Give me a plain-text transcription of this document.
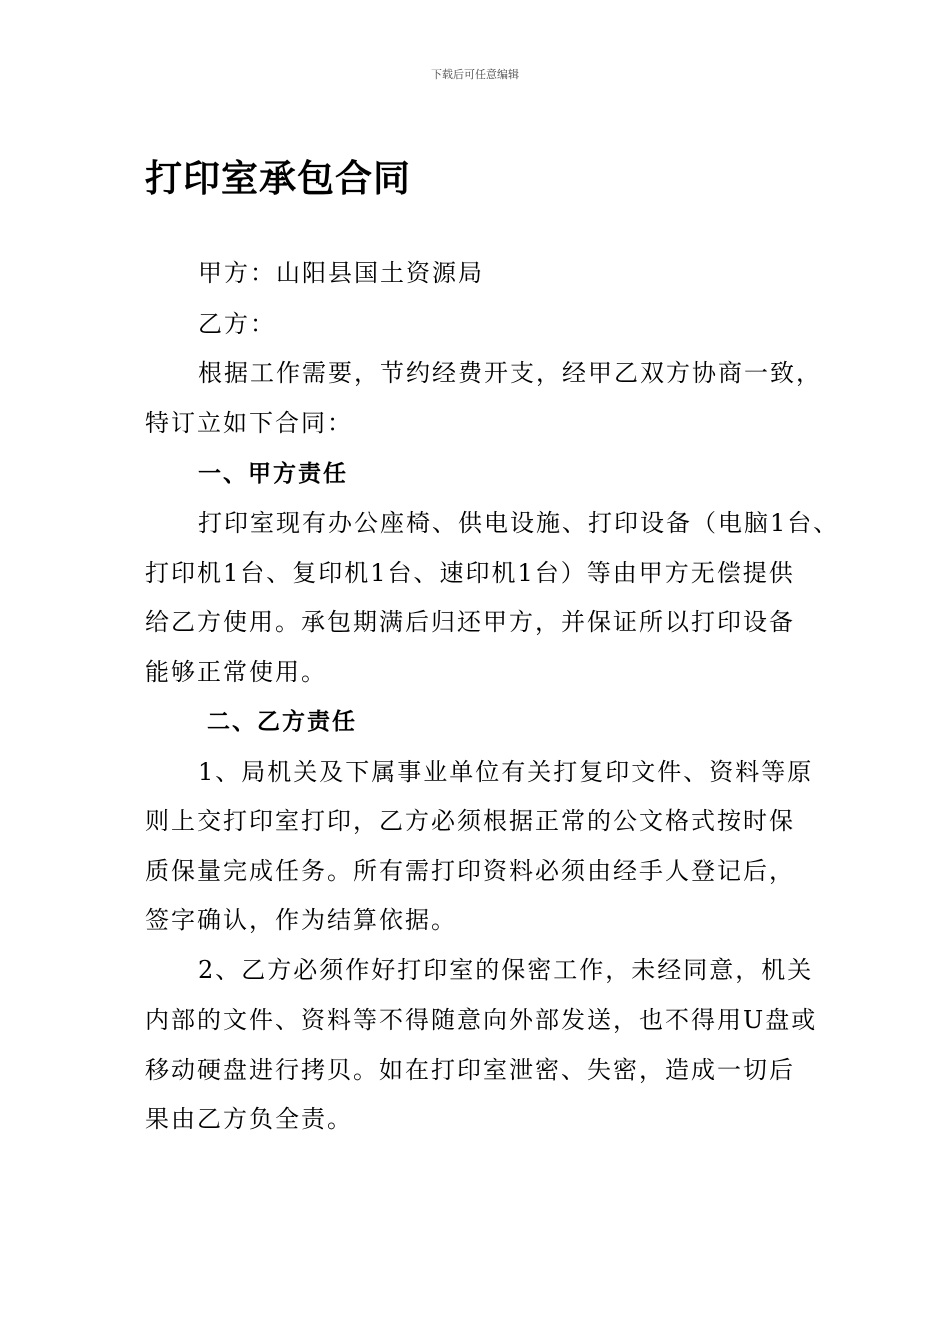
下载后可任意编辑
打印室承包合同
甲方：山阳县国土资源局
乙方：
根据工作需要，节约经费开支，经甲乙双方协商一致，
特订立如下合同：
一、甲方责任
打印室现有办公座椅、供电设施、打印设备（电脑1台、
打印机1台、复印机1台、速印机1台）等由甲方无偿提供
给乙方使用。承包期满后归还甲方，并保证所以打印设备
能够正常使用。
二、乙方责任
1、局机关及下属事业单位有关打复印文件、资料等原
则上交打印室打印，乙方必须根据正常的公文格式按时保
质保量完成任务。所有需打印资料必须由经手人登记后，
签字确认，作为结算依据。
2、乙方必须作好打印室的保密工作，未经同意，机关
内部的文件、资料等不得随意向外部发送，也不得用U盘或
移动硬盘进行拷贝。如在打印室泄密、失密，造成一切后
果由乙方负全责。
